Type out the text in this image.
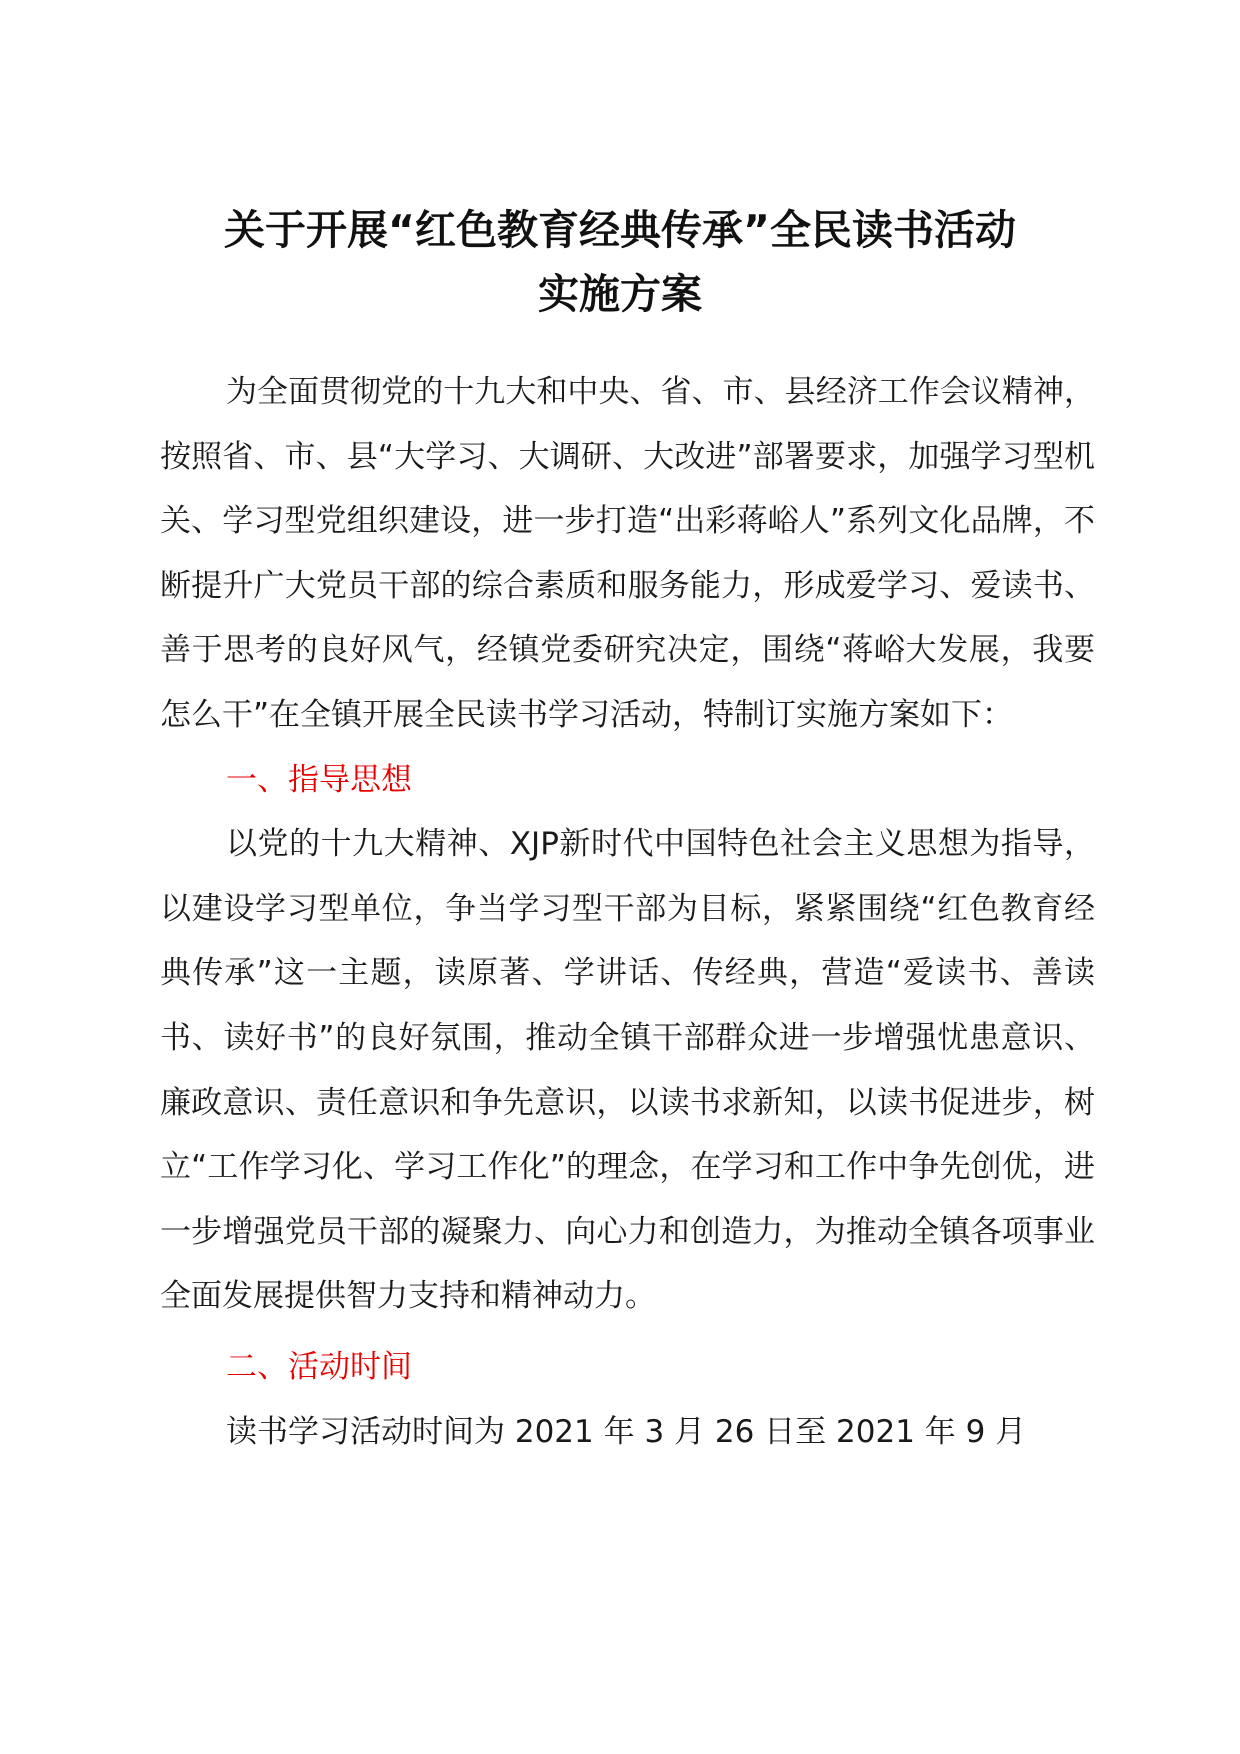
关于开展“红色教育经典传承”全民读书活动
实施方案

为全面贯彻党的十九大和中央、省、市、县经济工作会议精神，按照省、市、县“大学习、大调研、大改进”部署要求，加强学习型机关、学习型党组织建设，进一步打造“出彩蒋峪人”系列文化品牌，不断提升广大党员干部的综合素质和服务能力，形成爱学习、爱读书、善于思考的良好风气，经镇党委研究决定，围绕“蒋峪大发展，我要怎么干”在全镇开展全民读书学习活动，特制订实施方案如下：

一、指导思想

以党的十九大精神、XJP新时代中国特色社会主义思想为指导，以建设学习型单位，争当学习型干部为目标，紧紧围绕“红色教育经典传承”这一主题，读原著、学讲话、传经典，营造“爱读书、善读书、读好书”的良好氛围，推动全镇干部群众进一步增强忧患意识、廉政意识、责任意识和争先意识，以读书求新知，以读书促进步，树立“工作学习化、学习工作化”的理念，在学习和工作中争先创优，进一步增强党员干部的凝聚力、向心力和创造力，为推动全镇各项事业全面发展提供智力支持和精神动力。

二、活动时间

读书学习活动时间为 2021 年 3 月 26 日至 2021 年 9 月
